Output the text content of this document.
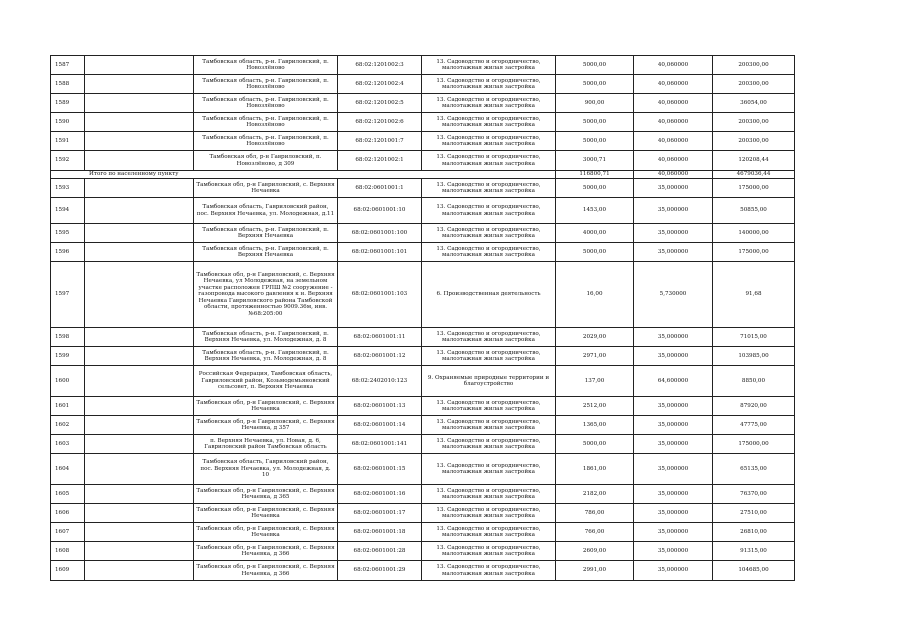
1587		Тамбовская область, р-н. Гавриловский, п. Новозлёново	68:02:1201002:3	13. Садоводство и огородничество, малоэтажная жилая застройка	5000,00	40,060000	200300,00
1588		Тамбовская область, р-н. Гавриловский, п. Новозлёново	68:02:1201002:4	13. Садоводство и огородничество, малоэтажная жилая застройка	5000,00	40,060000	200300,00
1589		Тамбовская область, р-н. Гавриловский, п. Новозлёново	68:02:1201002:5	13. Садоводство и огородничество, малоэтажная жилая застройка	900,00	40,060000	36054,00
1590		Тамбовская область, р-н. Гавриловский, п. Новозлёново	68:02:1201002:6	13. Садоводство и огородничество, малоэтажная жилая застройка	5000,00	40,060000	200300,00
1591		Тамбовская область, р-н. Гавриловский, п. Новозлёново	68:02:1201001:7	13. Садоводство и огородничество, малоэтажная жилая застройка	5000,00	40,060000	200300,00
1592		Тамбовская обл, р-н Гавриловский, п. Новозлёново, д 309	68:02:1201002:1	13. Садоводство и огородничество, малоэтажная жилая застройка	3000,71	40,060000	120208,44
Итого по населенному пункту					116800,71	40,060000	4679036,44
1593		Тамбовская обл, р-н Гавриловский, с. Верхняя Нечаевка	68:02:0601001:1	13. Садоводство и огородничество, малоэтажная жилая застройка	5000,00	35,000000	175000,00
1594		Тамбовская область, Гавриловский район, пос. Верхняя Нечаевка, ул. Молодежная, д.11	68:02:0601001:10	13. Садоводство и огородничество, малоэтажная жилая застройка	1453,00	35,000000	50855,00
1595		Тамбовская область, р-н. Гавриловский, п. Верхняя Нечаевка	68:02:0601001:100	13. Садоводство и огородничество, малоэтажная жилая застройка	4000,00	35,000000	140000,00
1596		Тамбовская область, р-н. Гавриловский, п. Верхняя Нечаевка	68:02:0601001:101	13. Садоводство и огородничество, малоэтажная жилая застройка	5000,00	35,000000	175000,00
1597		Тамбовская обл, р-н Гавриловский, с. Верхняя Нечаевка, ул Молодежная, на земельном участке расположен ГРПШ №2 сооружение - газопровода высокого давления к н. Верхняя Нечаевка Гавриловского района Тамбовской области, протяженностью 9009.36м, инв.№68:205:00	68:02:0601001:103	6. Производственная деятельность	16,00	5,730000	91,68
1598		Тамбовская область, р-н. Гавриловский, п. Верхняя Нечаевка, ул. Молодежная, д. 8	68:02:0601001:11	13. Садоводство и огородничество, малоэтажная жилая застройка	2029,00	35,000000	71015,00
1599		Тамбовская область, р-н. Гавриловский, п. Верхняя Нечаевка, ул. Молодежная, д. 8	68:02:0601001:12	13. Садоводство и огородничество, малоэтажная жилая застройка	2971,00	35,000000	103985,00
1600		Российская Федерация, Тамбовская область, Гавриловский район, Козьмодемьяновский сельсовет, п. Верхняя Нечаевка	68:02:2402010:123	9. Охраняемые природные территории и благоустройство	137,00	64,600000	8850,00
1601		Тамбовская обл, р-н Гавриловский, с. Верхняя Нечаевка	68:02:0601001:13	13. Садоводство и огородничество, малоэтажная жилая застройка	2512,00	35,000000	87920,00
1602		Тамбовская обл, р-н Гавриловский, с. Верхняя Нечаевка, д 357	68:02:0601001:14	13. Садоводство и огородничество, малоэтажная жилая застройка	1365,00	35,000000	47775,00
1603		п. Верхняя Нечаевка, ул. Новая, д. 6, Гавриловский район Тамбовская область	68:02:0601001:141	13. Садоводство и огородничество, малоэтажная жилая застройка	5000,00	35,000000	175000,00
1604		Тамбовская область, Гавриловский район, пос. Верхняя Нечаевка, ул. Молодежная, д. 10	68:02:0601001:15	13. Садоводство и огородничество, малоэтажная жилая застройка	1861,00	35,000000	65135,00
1605		Тамбовская обл, р-н Гавриловский, с. Верхняя Нечаевка, д 365	68:02:0601001:16	13. Садоводство и огородничество, малоэтажная жилая застройка	2182,00	35,000000	76370,00
1606		Тамбовская обл, р-н Гавриловский, с. Верхняя Нечаевка	68:02:0601001:17	13. Садоводство и огородничество, малоэтажная жилая застройка	786,00	35,000000	27510,00
1607		Тамбовская обл, р-н Гавриловский, с. Верхняя Нечаевка	68:02:0601001:18	13. Садоводство и огородничество, малоэтажная жилая застройка	766,00	35,000000	26810,00
1608		Тамбовская обл, р-н Гавриловский, с. Верхняя Нечаевка, д 366	68:02:0601001:28	13. Садоводство и огородничество, малоэтажная жилая застройка	2609,00	35,000000	91315,00
1609		Тамбовская обл, р-н Гавриловский, с. Верхняя Нечаевка, д 366	68:02:0601001:29	13. Садоводство и огородничество, малоэтажная жилая застройка	2991,00	35,000000	104685,00
